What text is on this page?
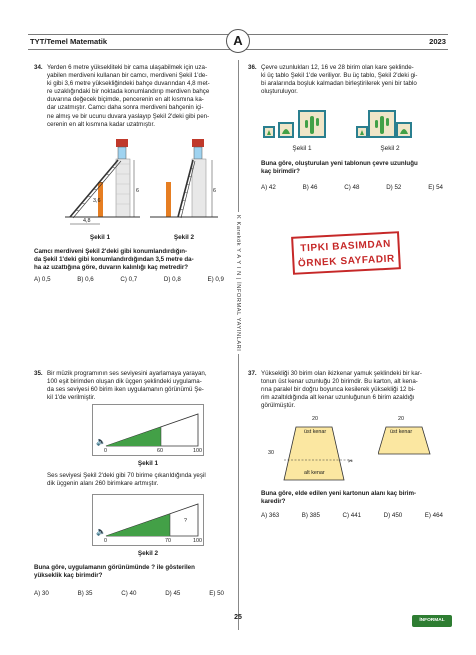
TYT/Temel Matematik	A	2023
K Karekök Y A Y I N | İNFORMAL YAYINLARI
34. Yerden 6 metre yüksekliteki bir cama ulaşabilmek için uza-

yabilen merdiveni kullanan bir camcı, merdiveni Şekil 1'de-

ki gibi 3,6 metre yüksekliğindeki bahçe duvarından 4,8 met-

re uzaklığındaki bir noktada konumlandırıp merdiven bahçe

duvarına değecek biçimde, pencerenin en alt kısmına ka-

dar uzatmıştır. Camcı daha sonra merdiveni bahçenin içi-

ne almış ve bir ucunu duvara yaslayıp Şekil 2'deki gibi pen-

cerenin en alt kısmına kadar uzatmıştır.

3,6
6
4,8
Şekil 1
6
Şekil 2

Camcı merdiveni Şekil 2'deki gibi konumlandırdığın-

da Şekil 1'deki gibi konumlandırdığından 3,5 metre da-

ha az uzattığına göre, duvarın kalınlığı kaç metredir?

A) 0,5	B) 0,6	C) 0,7	D) 0,8	E) 0,9
35. Bir müzik programının ses seviyesini ayarlamaya yarayan,

100 eşit birimden oluşan dik üçgen şeklindeki uygulama-

da ses seviyesi 60 birim iken uygulamanın görünümü Şe-

kil 1'de verilmiştir.

🔈
0	60	100
Şekil 1

Ses seviyesi Şekil 2'deki gibi 70 birime çıkarıldığında yeşil

dik üçgenin alanı 260 birimkare artmıştır.

🔈
?
0	70	100
Şekil 2

Buna göre, uygulamanın görünümünde ? ile gösterilen

yükseklik kaç birimdir?

A) 30	B) 35	C) 40	D) 45	E) 50
36. Çevre uzunlukları 12, 16 ve 28 birim olan kare şeklinde-

ki üç tablo Şekil 1'de veriliyor. Bu üç tablo, Şekil 2'deki gi-

bi aralarında boşluk kalmadan birleştirilerek yeni bir tablo

oluşturuluyor.

Şekil 1	Şekil 2

Buna göre, oluşturulan yeni tablonun çevre uzunluğu

kaç birimdir?

A) 42	B) 46	C) 48	D) 52	E) 54
TIPKI BASIMDAN
ÖRNEK SAYFADIR
37. Yüksekliği 30 birim olan ikizkenar yamuk şeklindeki bir kar-

tonun üst kenar uzunluğu 20 birimdir. Bu karton, alt kena-

rına paralel bir doğru boyunca kesilerek yüksekliği 12 bi-

rim azaltıldığında alt kenar uzunluğunun 6 birim azaldığı

görülmüştür.

✂
20
üst kenar
30
alt kenar
20
üst kenar

Buna göre, elde edilen yeni kartonun alanı kaç birim-

karedir?

A) 363	B) 385	C) 441	D) 450	E) 464
25	İNFORMAL
